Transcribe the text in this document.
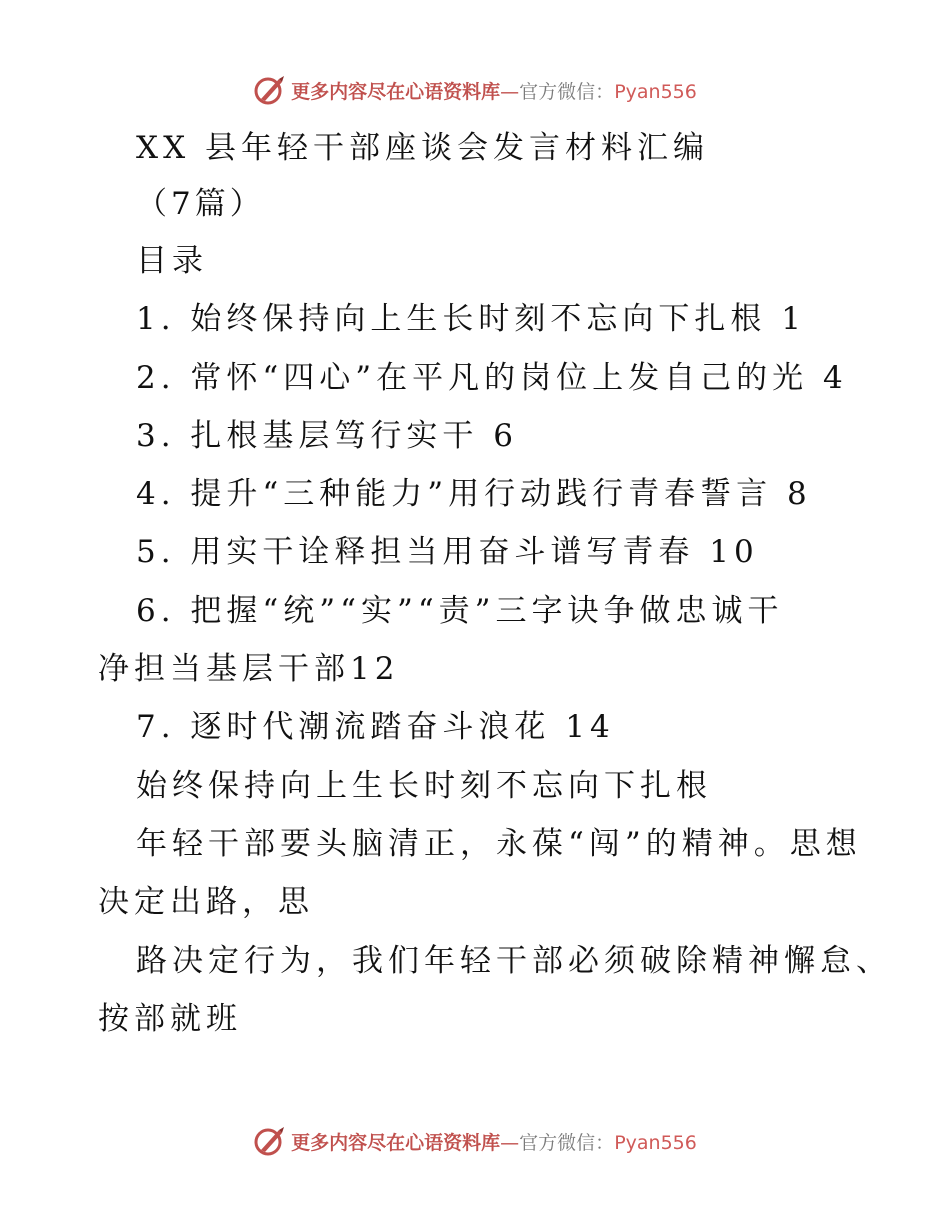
更多内容尽在心语资料库—官方微信：Pyan556
XX 县年轻干部座谈会发言材料汇编
（7篇）
目录
1. 始终保持向上生长时刻不忘向下扎根 1
2. 常怀“四心”在平凡的岗位上发自己的光 4
3. 扎根基层笃行实干 6
4. 提升“三种能力”用行动践行青春誓言 8
5. 用实干诠释担当用奋斗谱写青春 10
6. 把握“统”“实”“责”三字诀争做忠诚干
净担当基层干部12
7. 逐时代潮流踏奋斗浪花 14
始终保持向上生长时刻不忘向下扎根
年轻干部要头脑清正，永葆“闯”的精神。思想
决定出路，思
路决定行为，我们年轻干部必须破除精神懈怠、
按部就班
更多内容尽在心语资料库—官方微信：Pyan556
